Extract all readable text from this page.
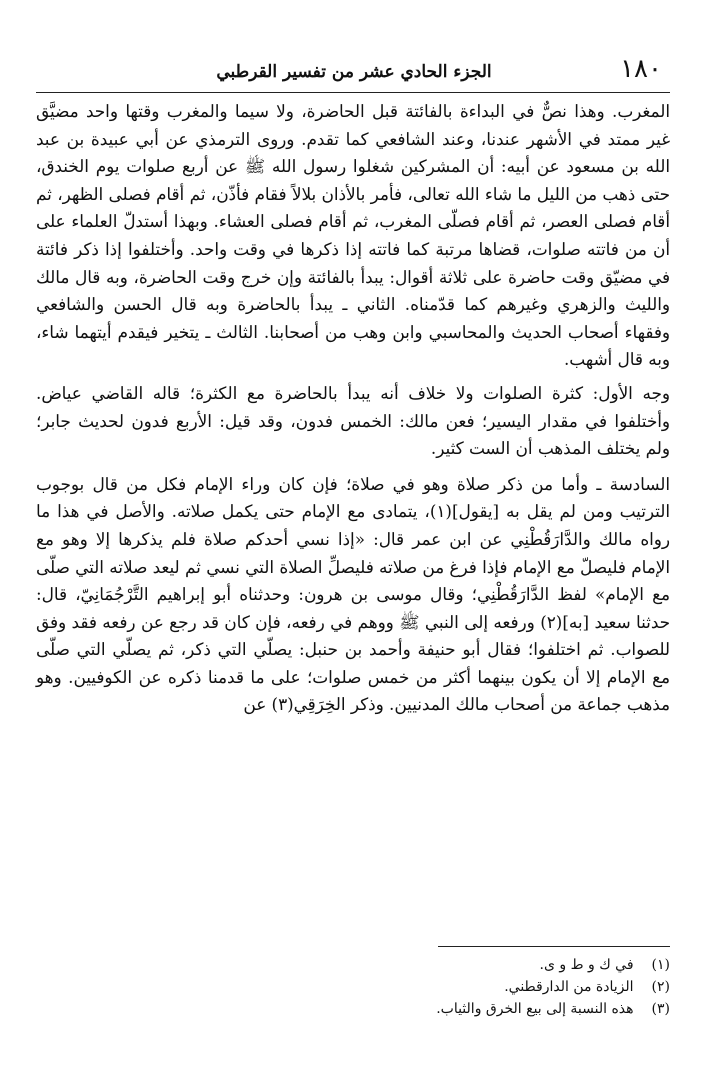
١٨٠
الجزء الحادي عشر من تفسير القرطبي

المغرب. وهذا نصٌّ في البداءة بالفائتة قبل الحاضرة، ولا سيما والمغرب وقتها واحد مضيَّق غير ممتد في الأشهر عندنا، وعند الشافعي كما تقدم. وروى الترمذي عن أبي عبيدة بن عبد الله بن مسعود عن أبيه: أن المشركين شغلوا رسول الله ﷺ عن أربع صلوات يوم الخندق، حتى ذهب من الليل ما شاء الله تعالى، فأمر بالأذان بلالاً فقام فأذّن، ثم أقام فصلى الظهر، ثم أقام فصلى العصر، ثم أقام فصلّى المغرب، ثم أقام فصلى العشاء. وبهذا أستدلّ العلماء على أن من فاتته صلوات، قضاها مرتبة كما فاتته إذا ذكرها في وقت واحد. وأختلفوا إذا ذكر فائتة في مضيّق وقت حاضرة على ثلاثة أقوال: يبدأ بالفائتة وإن خرج وقت الحاضرة، وبه قال مالك والليث والزهري وغيرهم كما قدّمناه. الثاني ـ يبدأ بالحاضرة وبه قال الحسن والشافعي وفقهاء أصحاب الحديث والمحاسبي وابن وهب من أصحابنا. الثالث ـ يتخير فيقدم أيتهما شاء، وبه قال أشهب.

وجه الأول: كثرة الصلوات ولا خلاف أنه يبدأ بالحاضرة مع الكثرة؛ قاله القاضي عياض. وأختلفوا في مقدار اليسير؛ فعن مالك: الخمس فدون، وقد قيل: الأربع فدون لحديث جابر؛ ولم يختلف المذهب أن الست كثير.

السادسة ـ وأما من ذكر صلاة وهو في صلاة؛ فإن كان وراء الإمام فكل من قال بوجوب الترتيب ومن لم يقل به [يقول](١)، يتمادى مع الإمام حتى يكمل صلاته. والأصل في هذا ما رواه مالك والدَّارَقُطْنِي عن ابن عمر قال: «إذا نسي أحدكم صلاة فلم يذكرها إلا وهو مع الإمام فليصلّ مع الإمام فإذا فرغ من صلاته فليصلِّ الصلاة التي نسي ثم ليعد صلاته التي صلّى مع الإمام» لفظ الدَّارَقُطْنِي؛ وقال موسى بن هرون: وحدثناه أبو إبراهيم التَّرْجُمَانِيّ، قال: حدثنا سعيد [به](٢) ورفعه إلى النبي ﷺ ووهم في رفعه، فإن كان قد رجع عن رفعه فقد وفق للصواب. ثم اختلفوا؛ فقال أبو حنيفة وأحمد بن حنبل: يصلّي التي ذكر، ثم يصلّي التي صلّى مع الإمام إلا أن يكون بينهما أكثر من خمس صلوات؛ على ما قدمنا ذكره عن الكوفيين. وهو مذهب جماعة من أصحاب مالك المدنيين. وذكر الخِرَقِي(٣) عن

(١) في ك و ط و ى.
(٢) الزيادة من الدارقطني.
(٣) هذه النسبة إلى بيع الخرق والثياب.
